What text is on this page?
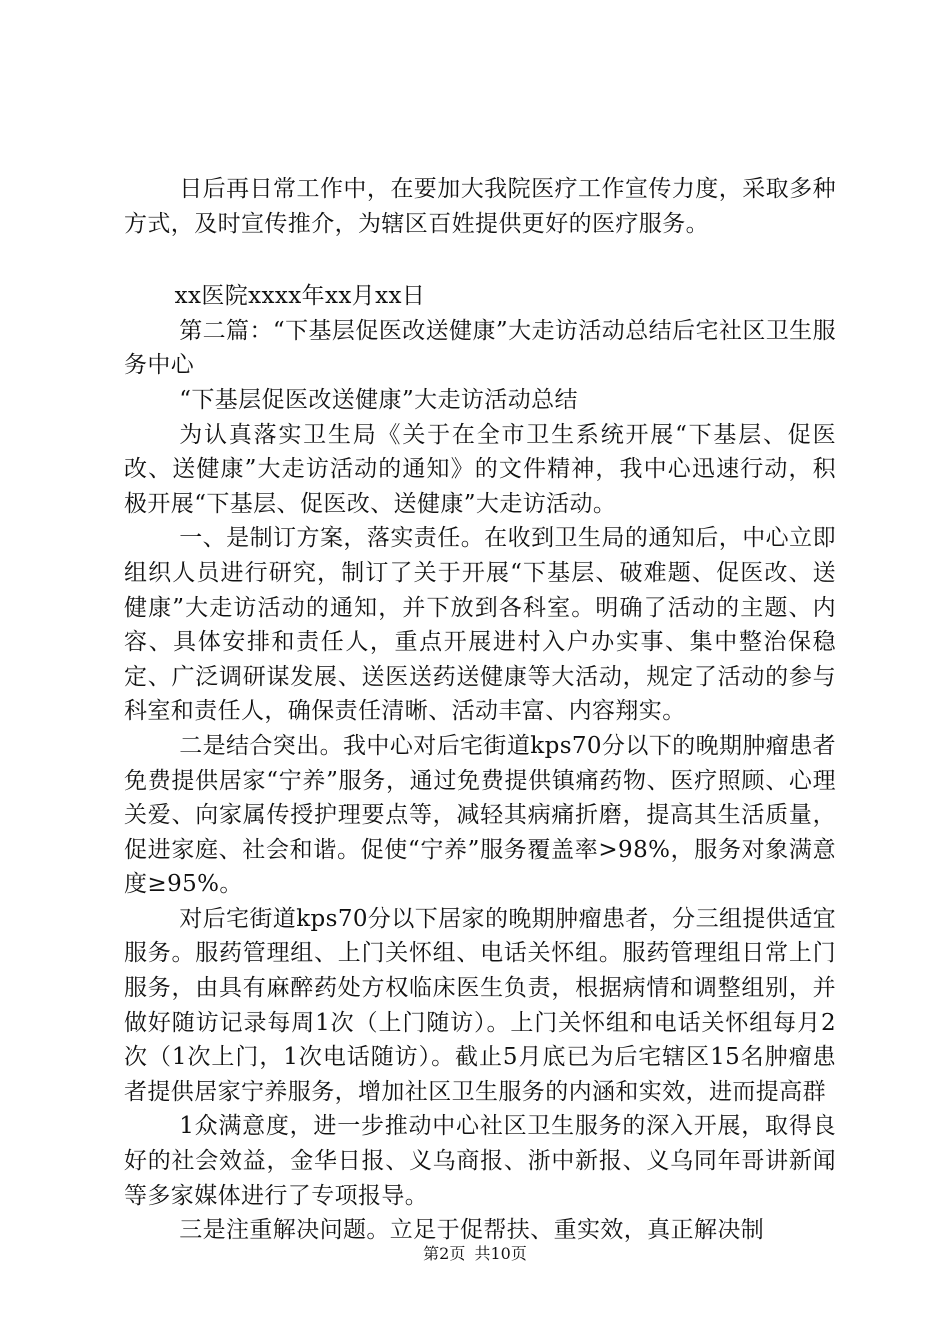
日后再日常工作中，在要加大我院医疗工作宣传力度，采取多种方式，及时宣传推介，为辖区百姓提供更好的医疗服务。

xx医院xxxx年xx月xx日

第二篇：“下基层促医改送健康”大走访活动总结后宅社区卫生服务中心

“下基层促医改送健康”大走访活动总结

为认真落实卫生局《关于在全市卫生系统开展“下基层、促医改、送健康”大走访活动的通知》的文件精神，我中心迅速行动，积极开展“下基层、促医改、送健康”大走访活动。

一、是制订方案，落实责任。在收到卫生局的通知后，中心立即组织人员进行研究，制订了关于开展“下基层、破难题、促医改、送健康”大走访活动的通知，并下放到各科室。明确了活动的主题、内容、具体安排和责任人，重点开展进村入户办实事、集中整治保稳定、广泛调研谋发展、送医送药送健康等大活动，规定了活动的参与科室和责任人，确保责任清晰、活动丰富、内容翔实。

二是结合突出。我中心对后宅街道kps70分以下的晚期肿瘤患者免费提供居家“宁养”服务，通过免费提供镇痛药物、医疗照顾、心理关爱、向家属传授护理要点等，减轻其病痛折磨，提高其生活质量，促进家庭、社会和谐。促使“宁养”服务覆盖率>98%，服务对象满意度≥95%。

对后宅街道kps70分以下居家的晚期肿瘤患者，分三组提供适宜服务。服药管理组、上门关怀组、电话关怀组。服药管理组日常上门服务，由具有麻醉药处方权临床医生负责，根据病情和调整组别，并做好随访记录每周1次（上门随访）。上门关怀组和电话关怀组每月2次（1次上门，1次电话随访）。截止5月底已为后宅辖区15名肿瘤患者提供居家宁养服务，增加社区卫生服务的内涵和实效，进而提高群

1众满意度，进一步推动中心社区卫生服务的深入开展，取得良好的社会效益，金华日报、义乌商报、浙中新报、义乌同年哥讲新闻等多家媒体进行了专项报导。

三是注重解决问题。立足于促帮扶、重实效，真正解决制

第2页 共10页
